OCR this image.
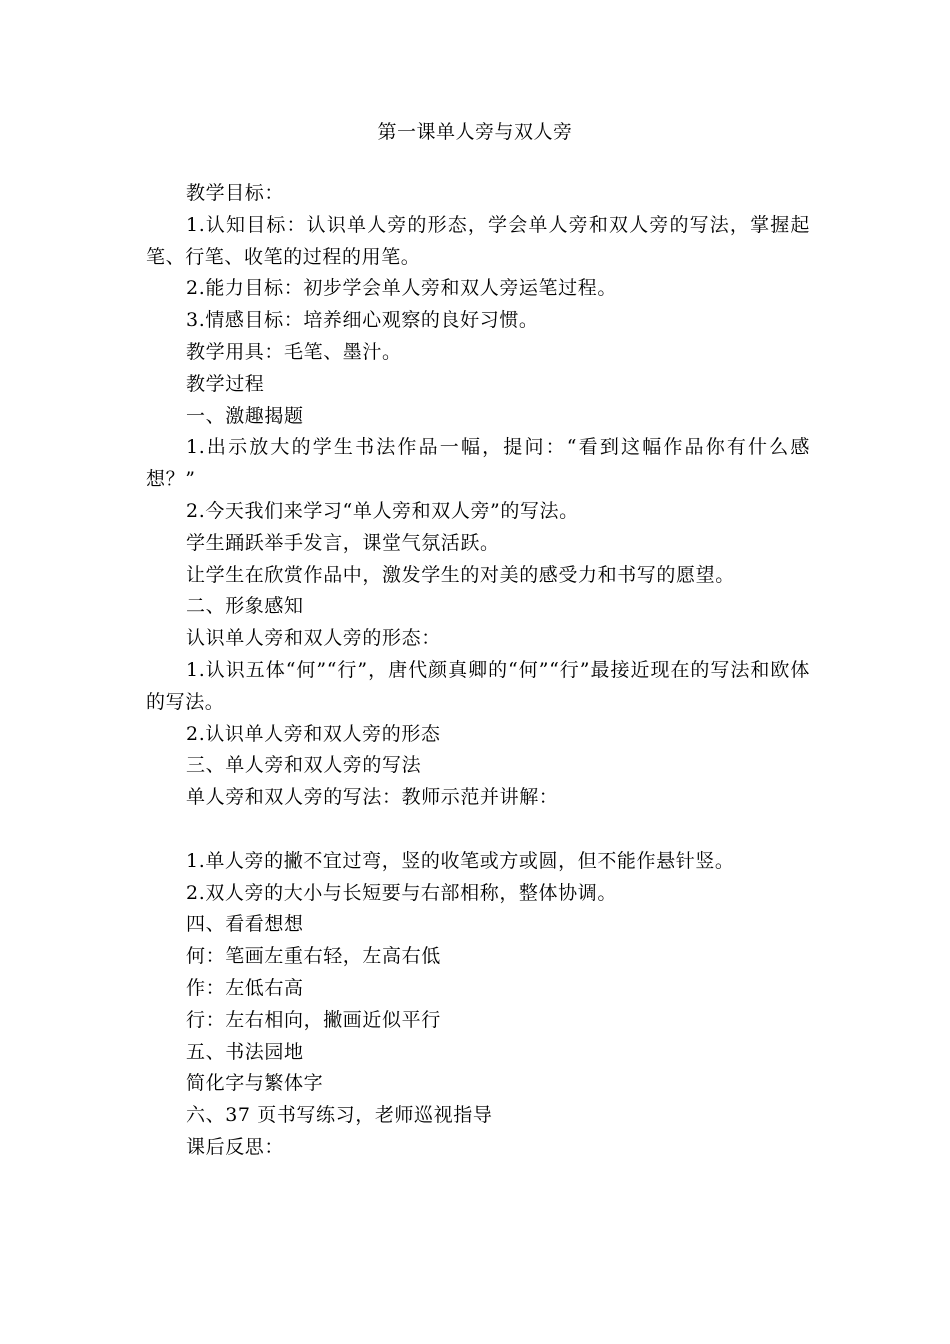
第一课单人旁与双人旁

教学目标：

1.认知目标：认识单人旁的形态，学会单人旁和双人旁的写法，掌握起笔、行笔、收笔的过程的用笔。

2.能力目标：初步学会单人旁和双人旁运笔过程。

3.情感目标：培养细心观察的良好习惯。

教学用具：毛笔、墨汁。

教学过程

一、激趣揭题

1.出示放大的学生书法作品一幅，提问：“看到这幅作品你有什么感想？”

2.今天我们来学习“单人旁和双人旁”的写法。

学生踊跃举手发言，课堂气氛活跃。

让学生在欣赏作品中，激发学生的对美的感受力和书写的愿望。

二、形象感知

认识单人旁和双人旁的形态：

1.认识五体“何”“行”，唐代颜真卿的“何”“行”最接近现在的写法和欧体的写法。

2.认识单人旁和双人旁的形态

三、单人旁和双人旁的写法

单人旁和双人旁的写法：教师示范并讲解：

1.单人旁的撇不宜过弯，竖的收笔或方或圆，但不能作悬针竖。

2.双人旁的大小与长短要与右部相称，整体协调。

四、看看想想

何：笔画左重右轻，左高右低

作：左低右高

行：左右相向，撇画近似平行

五、书法园地

简化字与繁体字

六、37 页书写练习，老师巡视指导

课后反思：
